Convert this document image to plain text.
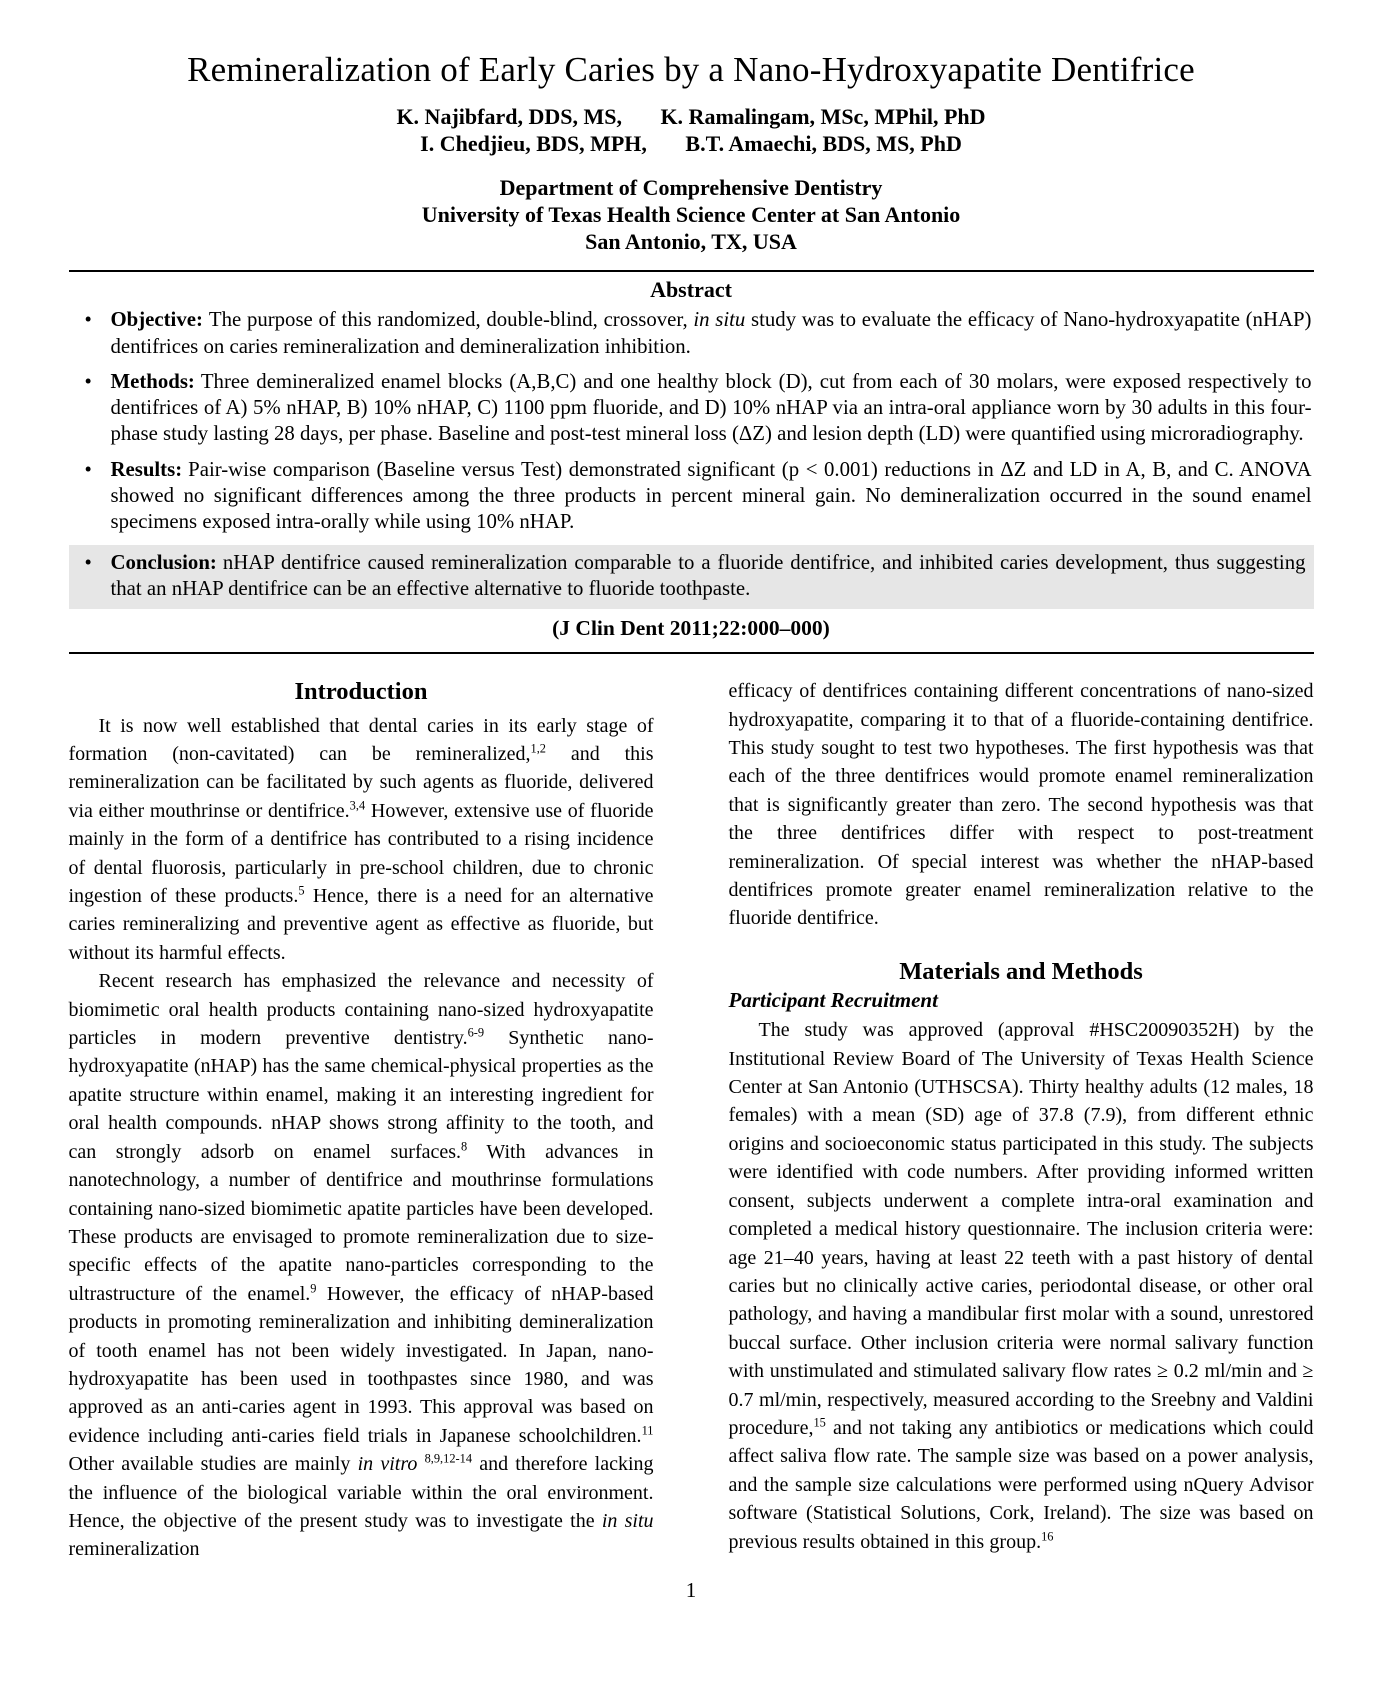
Remineralization of Early Caries by a Nano-Hydroxyapatite Dentifrice
K. Najibfard, DDS, MS,       K. Ramalingam, MSc, MPhil, PhD
I. Chedjieu, BDS, MPH,       B.T. Amaechi, BDS, MS, PhD
Department of Comprehensive Dentistry
University of Texas Health Science Center at San Antonio
San Antonio, TX, USA
Abstract
• Objective: The purpose of this randomized, double-blind, crossover, in situ study was to evaluate the efficacy of Nano-hydroxyapatite (nHAP) dentifrices on caries remineralization and demineralization inhibition.
• Methods: Three demineralized enamel blocks (A,B,C) and one healthy block (D), cut from each of 30 molars, were exposed respectively to dentifrices of A) 5% nHAP, B) 10% nHAP, C) 1100 ppm fluoride, and D) 10% nHAP via an intra-oral appliance worn by 30 adults in this four-phase study lasting 28 days, per phase. Baseline and post-test mineral loss (ΔZ) and lesion depth (LD) were quantified using microradiography.
• Results: Pair-wise comparison (Baseline versus Test) demonstrated significant (p < 0.001) reductions in ΔZ and LD in A, B, and C. ANOVA showed no significant differences among the three products in percent mineral gain. No demineralization occurred in the sound enamel specimens exposed intra-orally while using 10% nHAP.
• Conclusion: nHAP dentifrice caused remineralization comparable to a fluoride dentifrice, and inhibited caries development, thus suggesting that an nHAP dentifrice can be an effective alternative to fluoride toothpaste.
(J Clin Dent 2011;22:000–000)
Introduction

It is now well established that dental caries in its early stage of formation (non-cavitated) can be remineralized,$^{1,2}$ and this remineralization can be facilitated by such agents as fluoride, delivered via either mouthrinse or dentifrice.$^{3,4}$ However, extensive use of fluoride mainly in the form of a dentifrice has contributed to a rising incidence of dental fluorosis, particularly in pre-school children, due to chronic ingestion of these products.$^5$ Hence, there is a need for an alternative caries remineralizing and preventive agent as effective as fluoride, but without its harmful effects.

Recent research has emphasized the relevance and necessity of biomimetic oral health products containing nano-sized hydroxyapatite particles in modern preventive dentistry.$^{6-9}$ Synthetic nano-hydroxyapatite (nHAP) has the same chemical-physical properties as the apatite structure within enamel, making it an interesting ingredient for oral health compounds. nHAP shows strong affinity to the tooth, and can strongly adsorb on enamel surfaces.$^8$ With advances in nanotechnology, a number of dentifrice and mouthrinse formulations containing nano-sized biomimetic apatite particles have been developed. These products are envisaged to promote remineralization due to size-specific effects of the apatite nano-particles corresponding to the ultrastructure of the enamel.$^9$ However, the efficacy of nHAP-based products in promoting remineralization and inhibiting demineralization of tooth enamel has not been widely investigated. In Japan, nano-hydroxyapatite has been used in toothpastes since 1980, and was approved as an anti-caries agent in 1993. This approval was based on evidence including anti-caries field trials in Japanese schoolchildren.$^{11}$ Other available studies are mainly in vitro $^{8,9,12-14}$ and therefore lacking the influence of the biological variable within the oral environment. Hence, the objective of the present study was to investigate the in situ remineralization

efficacy of dentifrices containing different concentrations of nano-sized hydroxyapatite, comparing it to that of a fluoride-containing dentifrice. This study sought to test two hypotheses. The first hypothesis was that each of the three dentifrices would promote enamel remineralization that is significantly greater than zero. The second hypothesis was that the three dentifrices differ with respect to post-treatment remineralization. Of special interest was whether the nHAP-based dentifrices promote greater enamel remineralization relative to the fluoride dentifrice.

Materials and Methods
Participant Recruitment

The study was approved (approval #HSC20090352H) by the Institutional Review Board of The University of Texas Health Science Center at San Antonio (UTHSCSA). Thirty healthy adults (12 males, 18 females) with a mean (SD) age of 37.8 (7.9), from different ethnic origins and socioeconomic status participated in this study. The subjects were identified with code numbers. After providing informed written consent, subjects underwent a complete intra-oral examination and completed a medical history questionnaire. The inclusion criteria were: age 21–40 years, having at least 22 teeth with a past history of dental caries but no clinically active caries, periodontal disease, or other oral pathology, and having a mandibular first molar with a sound, unrestored buccal surface. Other inclusion criteria were normal salivary function with unstimulated and stimulated salivary flow rates ≥ 0.2 ml/min and ≥ 0.7 ml/min, respectively, measured according to the Sreebny and Valdini procedure,$^{15}$ and not taking any antibiotics or medications which could affect saliva flow rate. The sample size was based on a power analysis, and the sample size calculations were performed using nQuery Advisor software (Statistical Solutions, Cork, Ireland). The size was based on previous results obtained in this group.$^{16}$

1
